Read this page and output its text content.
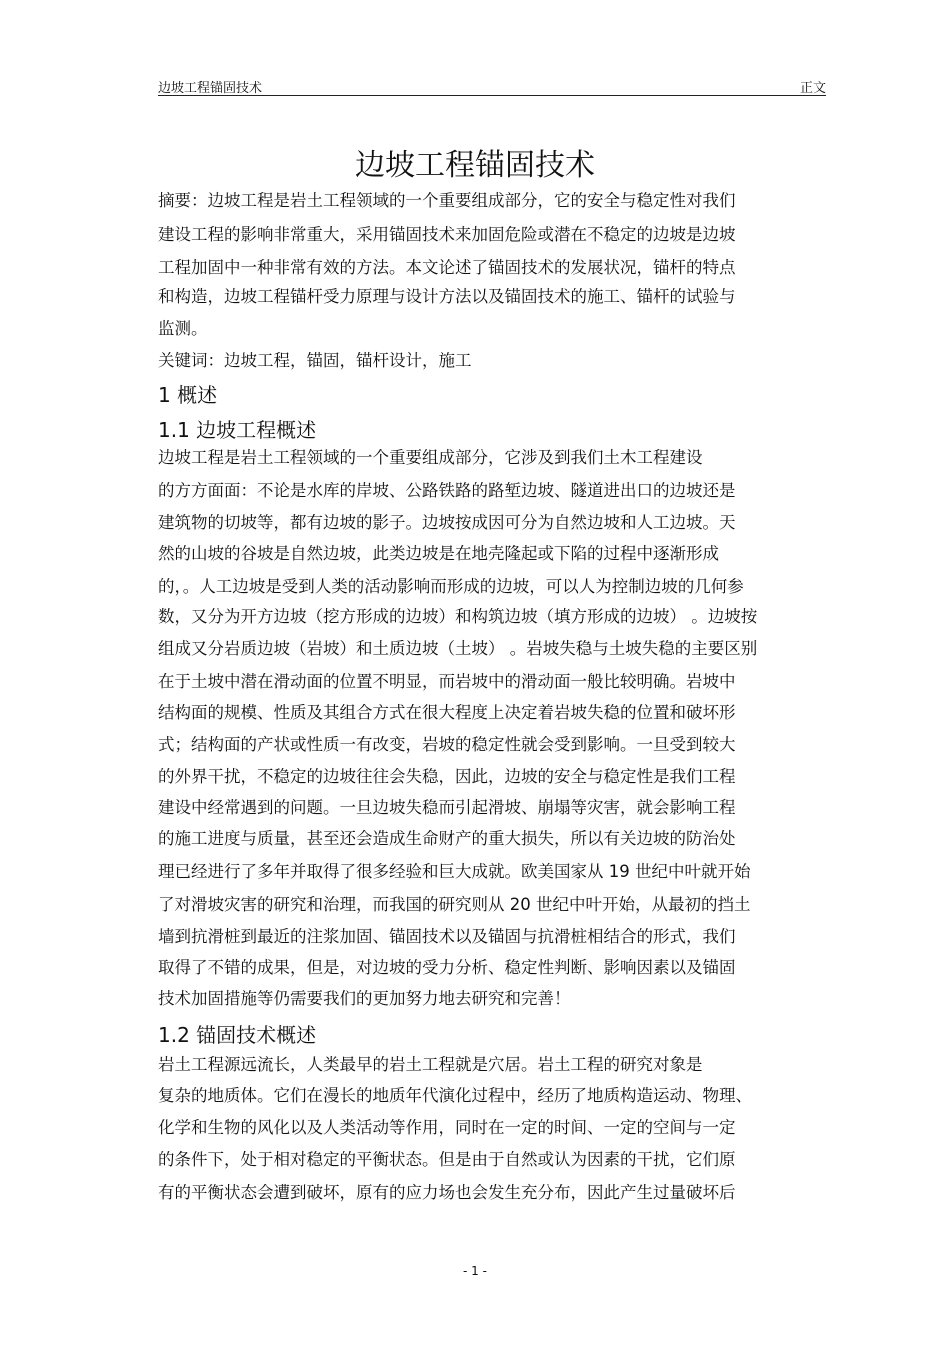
边坡工程锚固技术	正文
边坡工程锚固技术
摘要：边坡工程是岩土工程领域的一个重要组成部分，它的安全与稳定性对我们
建设工程的影响非常重大，采用锚固技术来加固危险或潜在不稳定的边坡是边坡
工程加固中一种非常有效的方法。本文论述了锚固技术的发展状况，锚杆的特点
和构造，边坡工程锚杆受力原理与设计方法以及锚固技术的施工、锚杆的试验与
监测。
关键词：边坡工程，锚固，锚杆设计，施工
1 概述
1.1 边坡工程概述
边坡工程是岩土工程领域的一个重要组成部分，它涉及到我们土木工程建设
的方方面面：不论是水库的岸坡、公路铁路的路堑边坡、隧道进出口的边坡还是
建筑物的切坡等，都有边坡的影子。边坡按成因可分为自然边坡和人工边坡。天
然的山坡的谷坡是自然边坡，此类边坡是在地壳隆起或下陷的过程中逐渐形成
的，。人工边坡是受到人类的活动影响而形成的边坡，可以人为控制边坡的几何参
数，又分为开方边坡（挖方形成的边坡）和构筑边坡（填方形成的边坡） 。边坡按
组成又分岩质边坡（岩坡）和土质边坡（土坡） 。岩坡失稳与土坡失稳的主要区别
在于土坡中潜在滑动面的位置不明显，而岩坡中的滑动面一般比较明确。岩坡中
结构面的规模、性质及其组合方式在很大程度上决定着岩坡失稳的位置和破坏形
式；结构面的产状或性质一有改变，岩坡的稳定性就会受到影响。一旦受到较大
的外界干扰，不稳定的边坡往往会失稳，因此，边坡的安全与稳定性是我们工程
建设中经常遇到的问题。一旦边坡失稳而引起滑坡、崩塌等灾害，就会影响工程
的施工进度与质量，甚至还会造成生命财产的重大损失，所以有关边坡的防治处
理已经进行了多年并取得了很多经验和巨大成就。欧美国家从 19 世纪中叶就开始
了对滑坡灾害的研究和治理，而我国的研究则从 20 世纪中叶开始，从最初的挡土
墙到抗滑桩到最近的注浆加固、锚固技术以及锚固与抗滑桩相结合的形式，我们
取得了不错的成果，但是，对边坡的受力分析、稳定性判断、影响因素以及锚固
技术加固措施等仍需要我们的更加努力地去研究和完善！
1.2 锚固技术概述
岩土工程源远流长，人类最早的岩土工程就是穴居。岩土工程的研究对象是
复杂的地质体。它们在漫长的地质年代演化过程中，经历了地质构造运动、物理、
化学和生物的风化以及人类活动等作用，同时在一定的时间、一定的空间与一定
的条件下，处于相对稳定的平衡状态。但是由于自然或认为因素的干扰，它们原
有的平衡状态会遭到破坏，原有的应力场也会发生充分布，因此产生过量破坏后
- 1 -
